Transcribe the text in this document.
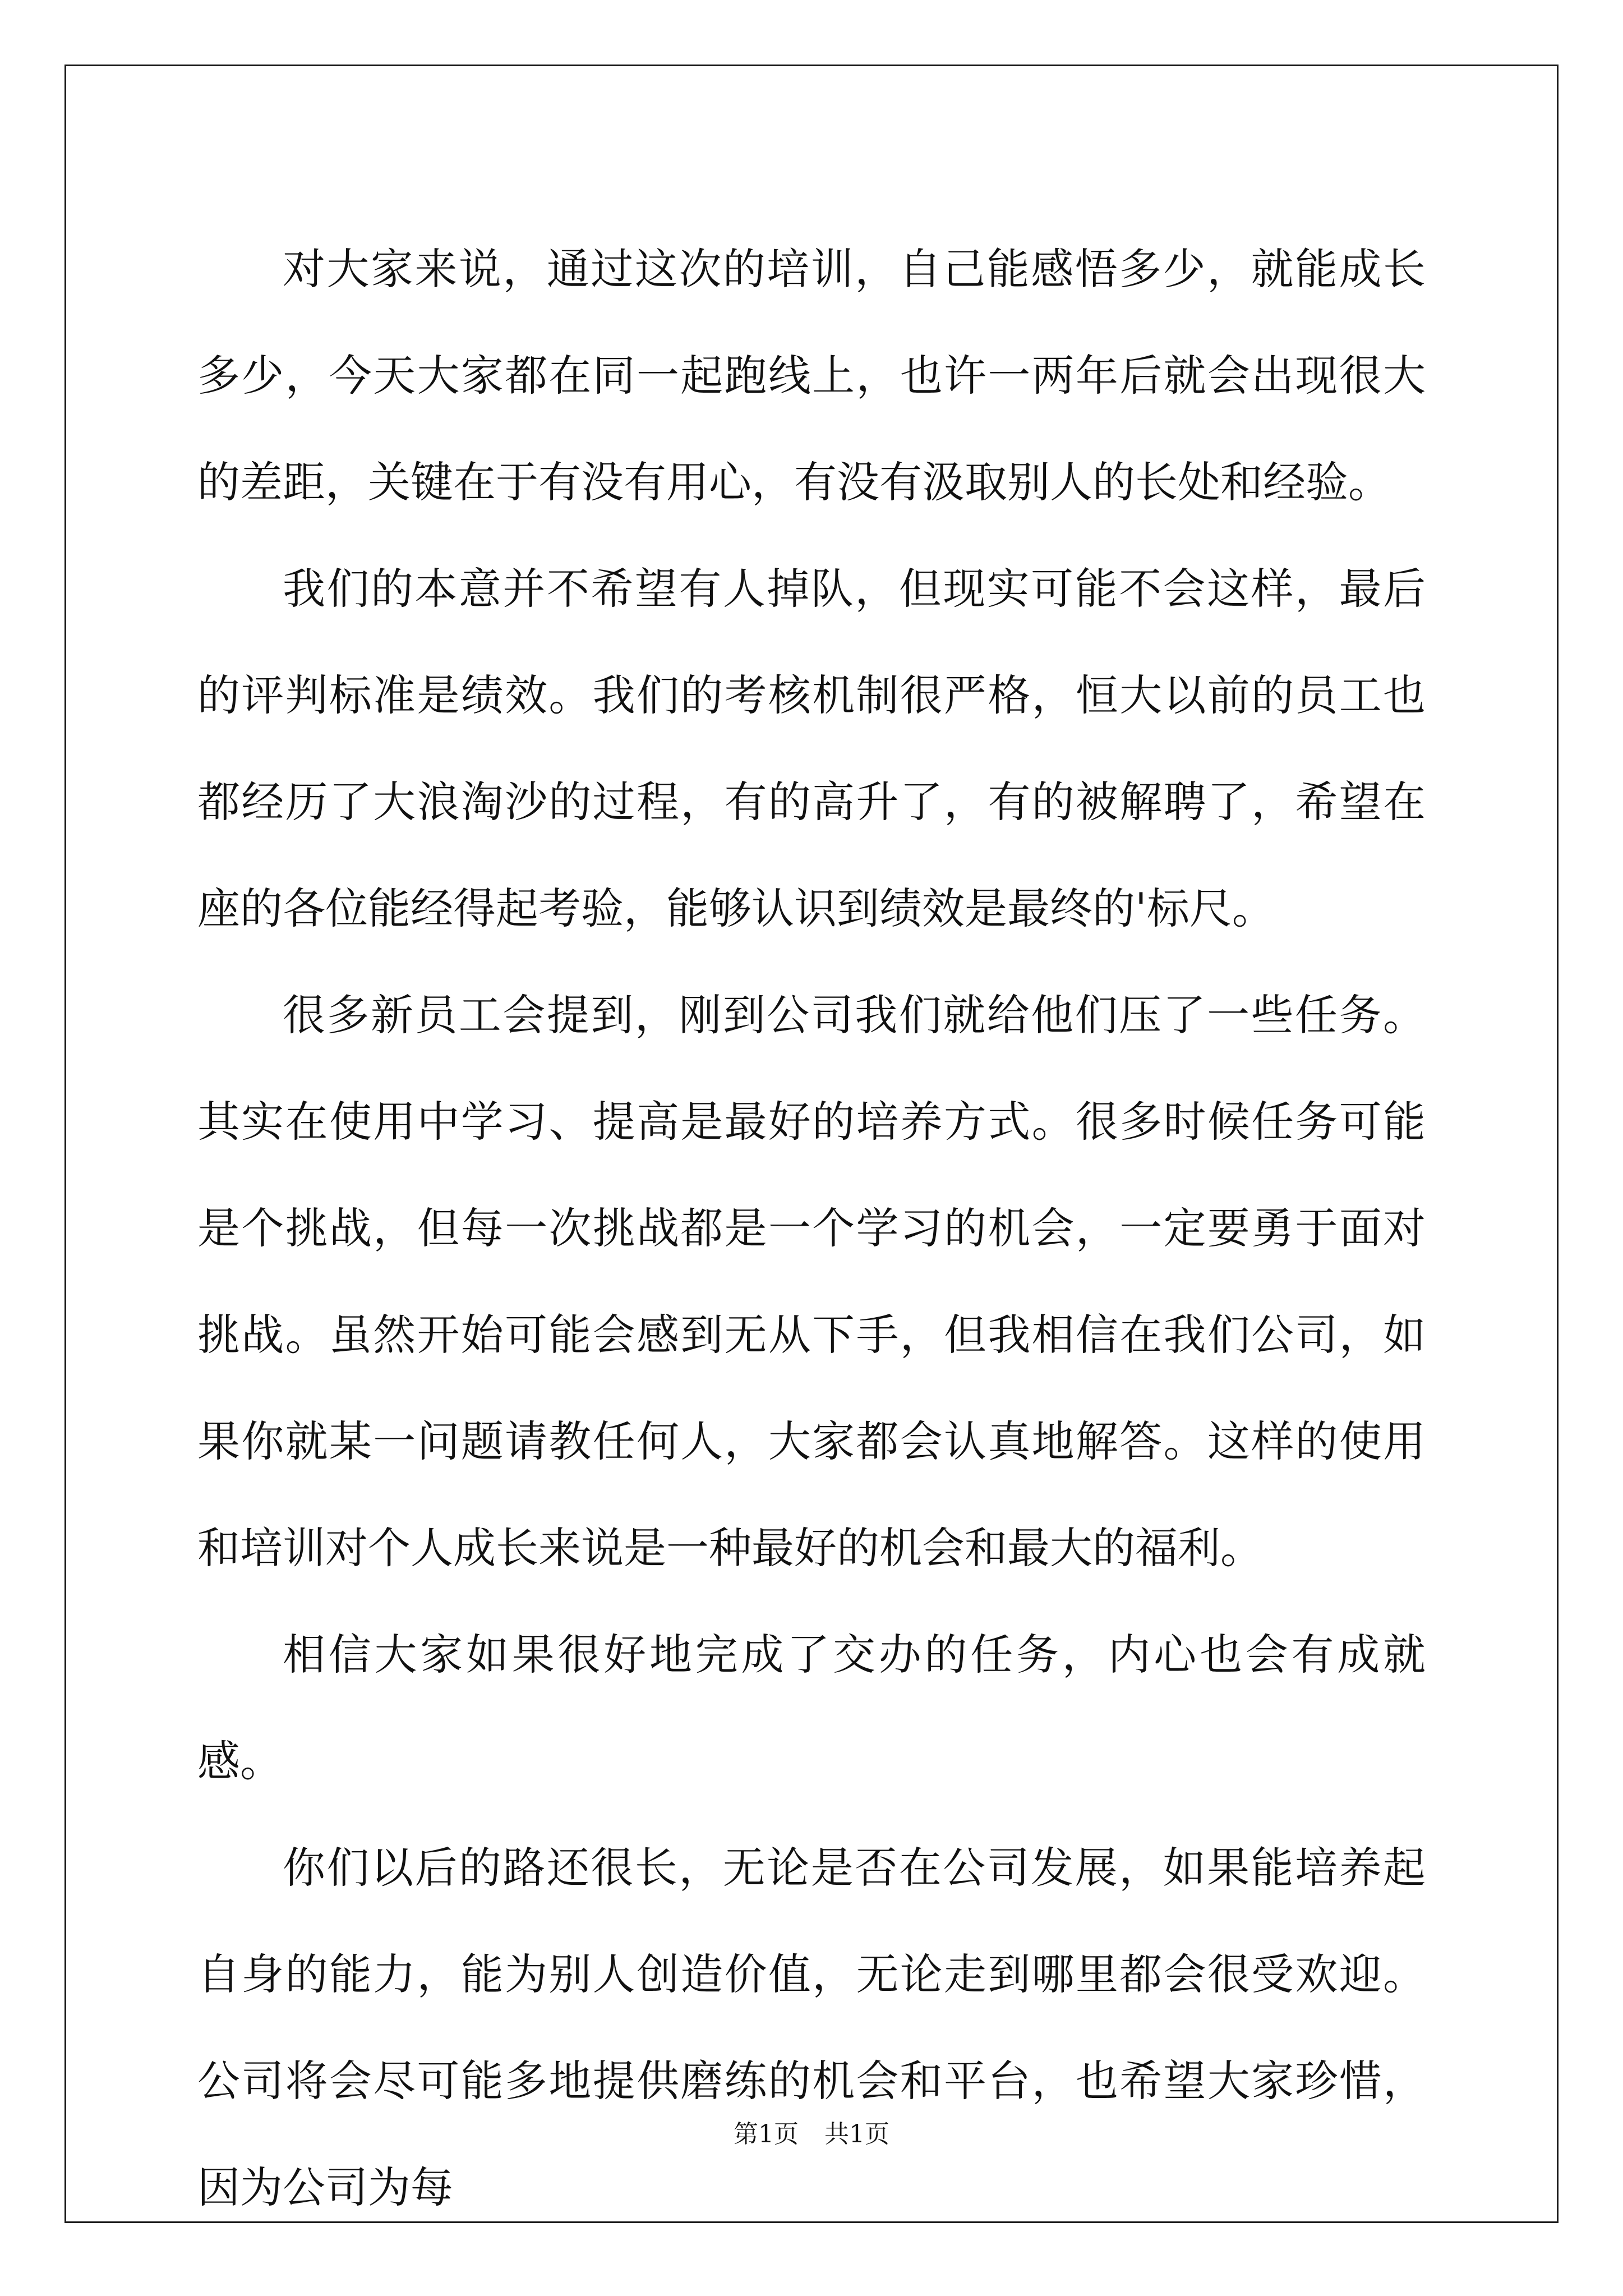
对大家来说，通过这次的培训，自己能感悟多少，就能成长多少，今天大家都在同一起跑线上，也许一两年后就会出现很大的差距，关键在于有没有用心，有没有汲取别人的长处和经验。

我们的本意并不希望有人掉队，但现实可能不会这样，最后的评判标准是绩效。我们的考核机制很严格，恒大以前的员工也都经历了大浪淘沙的过程，有的高升了，有的被解聘了，希望在座的各位能经得起考验，能够认识到绩效是最终的'标尺。

很多新员工会提到，刚到公司我们就给他们压了一些任务。其实在使用中学习、提高是最好的培养方式。很多时候任务可能是个挑战，但每一次挑战都是一个学习的机会，一定要勇于面对挑战。虽然开始可能会感到无从下手，但我相信在我们公司，如果你就某一问题请教任何人，大家都会认真地解答。这样的使用和培训对个人成长来说是一种最好的机会和最大的福利。

相信大家如果很好地完成了交办的任务，内心也会有成就感。

你们以后的路还很长，无论是否在公司发展，如果能培养起自身的能力，能为别人创造价值，无论走到哪里都会很受欢迎。公司将会尽可能多地提供磨练的机会和平台，也希望大家珍惜，因为公司为每

第1页 共1页
